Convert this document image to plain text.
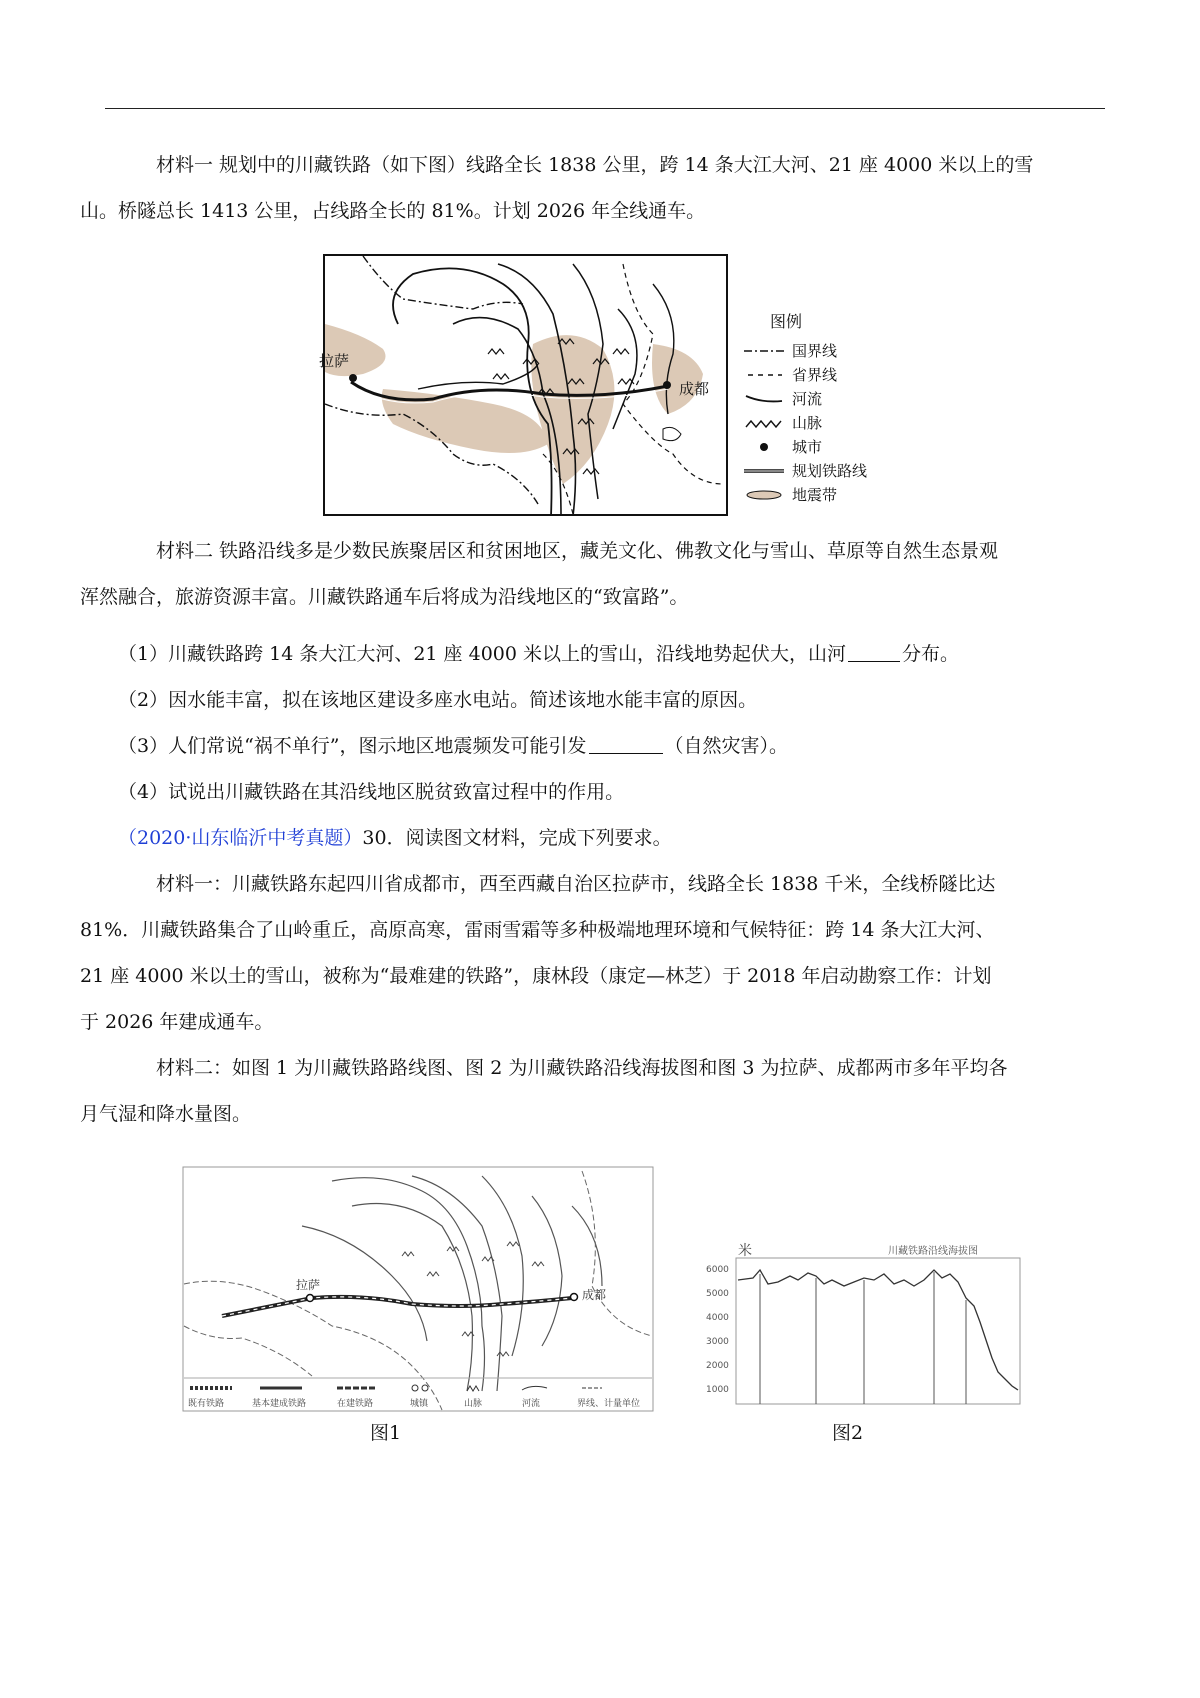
材料一 规划中的川藏铁路（如下图）线路全长 1838 公里，跨 14 条大江大河、21 座 4000 米以上的雪
山。桥隧总长 1413 公里，占线路全长的 81%。计划 2026 年全线通车。
拉萨
成都
图例
国界线
省界线
河流
山脉
城市
规划铁路线
地震带
材料二 铁路沿线多是少数民族聚居区和贫困地区，藏羌文化、佛教文化与雪山、草原等自然生态景观
浑然融合，旅游资源丰富。川藏铁路通车后将成为沿线地区的“致富路”。
（1）川藏铁路跨 14 条大江大河、21 座 4000 米以上的雪山，沿线地势起伏大，山河	分布。
（2）因水能丰富，拟在该地区建设多座水电站。简述该地水能丰富的原因。
（3）人们常说“祸不单行”，图示地区地震频发可能引发	（自然灾害）。
（4）试说出川藏铁路在其沿线地区脱贫致富过程中的作用。
（2020·山东临沂中考真题）30．阅读图文材料，完成下列要求。
材料一：川藏铁路东起四川省成都市，西至西藏自治区拉萨市，线路全长 1838 千米，全线桥隧比达
81%．川藏铁路集合了山岭重丘，高原高寒，雷雨雪霜等多种极端地理环境和气候特征：跨 14 条大江大河、
21 座 4000 米以土的雪山，被称为“最难建的铁路”，康林段（康定—林芝）于 2018 年启动勘察工作：计划
于 2026 年建成通车。
材料二：如图 1 为川藏铁路路线图、图 2 为川藏铁路沿线海拔图和图 3 为拉萨、成都两市多年平均各
月气湿和降水量图。
拉萨
成都
既有铁路	基本建成铁路	在建铁路	城镇	山脉	河流	界线、计量单位
图1
米	川藏铁路沿线海拔图
6000
5000
4000
3000
2000
1000
图2
